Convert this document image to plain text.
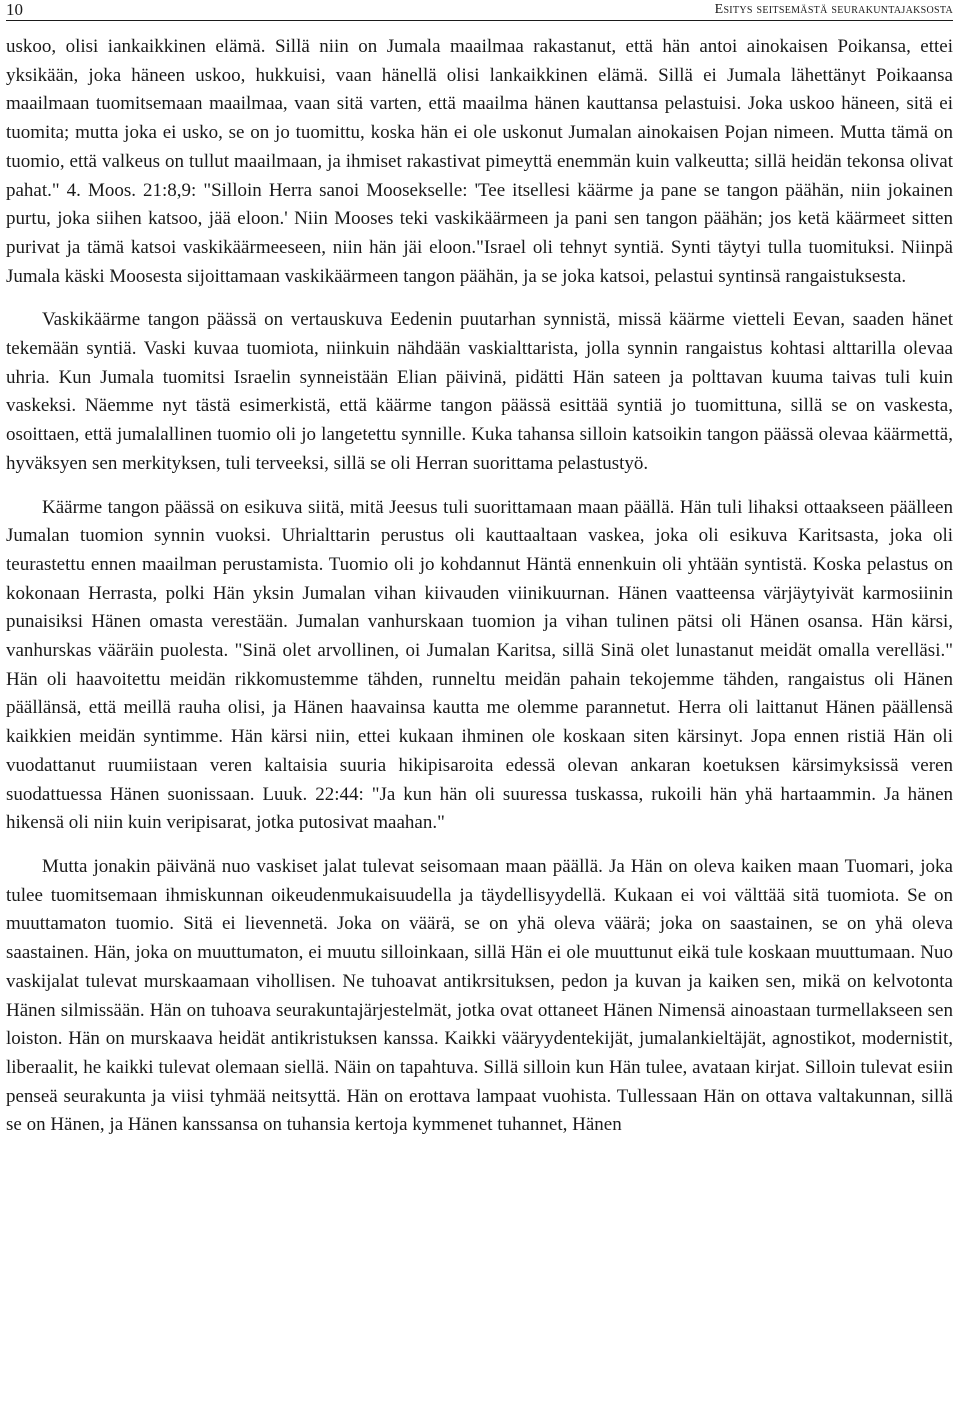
10	Esitys seitsemästä seurakuntajaksosta

uskoo, olisi iankaikkinen elämä. Sillä niin on Jumala maailmaa rakastanut, että hän antoi ainokaisen Poikansa, ettei yksikään, joka häneen uskoo, hukkuisi, vaan hänellä olisi lankaikkinen elämä. Sillä ei Jumala lähettänyt Poikaansa maailmaan tuomitsemaan maailmaa, vaan sitä varten, että maailma hänen kauttansa pelastuisi. Joka uskoo häneen, sitä ei tuomita; mutta joka ei usko, se on jo tuomittu, koska hän ei ole uskonut Jumalan ainokaisen Pojan nimeen. Mutta tämä on tuomio, että valkeus on tullut maailmaan, ja ihmiset rakastivat pimeyttä enemmän kuin valkeutta; sillä heidän tekonsa olivat pahat." 4. Moos. 21:8,9: "Silloin Herra sanoi Moosekselle: 'Tee itsellesi käärme ja pane se tangon päähän, niin jokainen purtu, joka siihen katsoo, jää eloon.' Niin Mooses teki vaskikäärmeen ja pani sen tangon päähän; jos ketä käärmeet sitten purivat ja tämä katsoi vaskikäärmeeseen, niin hän jäi eloon."Israel oli tehnyt syntiä. Synti täytyi tulla tuomituksi. Niinpä Jumala käski Moosesta sijoittamaan vaskikäärmeen tangon päähän, ja se joka katsoi, pelastui syntinsä rangaistuksesta.

Vaskikäärme tangon päässä on vertauskuva Eedenin puutarhan synnistä, missä käärme vietteli Eevan, saaden hänet tekemään syntiä. Vaski kuvaa tuomiota, niinkuin nähdään vaskialttarista, jolla synnin rangaistus kohtasi alttarilla olevaa uhria. Kun Jumala tuomitsi Israelin synneistään Elian päivinä, pidätti Hän sateen ja polttavan kuuma taivas tuli kuin vaskeksi. Näemme nyt tästä esimerkistä, että käärme tangon päässä esittää syntiä jo tuomittuna, sillä se on vaskesta, osoittaen, että jumalallinen tuomio oli jo langetettu synnille. Kuka tahansa silloin katsoikin tangon päässä olevaa käärmettä, hyväksyen sen merkityksen, tuli terveeksi, sillä se oli Herran suorittama pelastustyö.

Käärme tangon päässä on esikuva siitä, mitä Jeesus tuli suorittamaan maan päällä. Hän tuli lihaksi ottaakseen päälleen Jumalan tuomion synnin vuoksi. Uhrialttarin perustus oli kauttaaltaan vaskea, joka oli esikuva Karitsasta, joka oli teurastettu ennen maailman perustamista. Tuomio oli jo kohdannut Häntä ennenkuin oli yhtään syntistä. Koska pelastus on kokonaan Herrasta, polki Hän yksin Jumalan vihan kiivauden viinikuurnan. Hänen vaatteensa värjäytyivät karmosiinin punaisiksi Hänen omasta verestään. Jumalan vanhurskaan tuomion ja vihan tulinen pätsi oli Hänen osansa. Hän kärsi, vanhurskas vääräin puolesta. "Sinä olet arvollinen, oi Jumalan Karitsa, sillä Sinä olet lunastanut meidät omalla verelläsi." Hän oli haavoitettu meidän rikkomustemme tähden, runneltu meidän pahain tekojemme tähden, rangaistus oli Hänen päällänsä, että meillä rauha olisi, ja Hänen haavainsa kautta me olemme parannetut. Herra oli laittanut Hänen päällensä kaikkien meidän syntimme. Hän kärsi niin, ettei kukaan ihminen ole koskaan siten kärsinyt. Jopa ennen ristiä Hän oli vuodattanut ruumiistaan veren kaltaisia suuria hikipisaroita edessä olevan ankaran koetuksen kärsimyksissä veren suodattuessa Hänen suonissaan. Luuk. 22:44: "Ja kun hän oli suuressa tuskassa, rukoili hän yhä hartaammin. Ja hänen hikensä oli niin kuin veripisarat, jotka putosivat maahan."

Mutta jonakin päivänä nuo vaskiset jalat tulevat seisomaan maan päällä. Ja Hän on oleva kaiken maan Tuomari, joka tulee tuomitsemaan ihmiskunnan oikeudenmukaisuudella ja täydellisyydellä. Kukaan ei voi välttää sitä tuomiota. Se on muuttamaton tuomio. Sitä ei lievennetä. Joka on väärä, se on yhä oleva väärä; joka on saastainen, se on yhä oleva saastainen. Hän, joka on muuttumaton, ei muutu silloinkaan, sillä Hän ei ole muuttunut eikä tule koskaan muuttumaan. Nuo vaskijalat tulevat murskaamaan vihollisen. Ne tuhoavat antikrsituksen, pedon ja kuvan ja kaiken sen, mikä on kelvotonta Hänen silmissään. Hän on tuhoava seurakuntajärjestelmät, jotka ovat ottaneet Hänen Nimensä ainoastaan turmellakseen sen loiston. Hän on murskaava heidät antikristuksen kanssa. Kaikki vääryydentekijät, jumalankieltäjät, agnostikot, modernistit, liberaalit, he kaikki tulevat olemaan siellä. Näin on tapahtuva. Sillä silloin kun Hän tulee, avataan kirjat. Silloin tulevat esiin penseä seurakunta ja viisi tyhmää neitsyttä. Hän on erottava lampaat vuohista. Tullessaan Hän on ottava valtakunnan, sillä se on Hänen, ja Hänen kanssansa on tuhansia kertoja kymmenet tuhannet, Hänen
